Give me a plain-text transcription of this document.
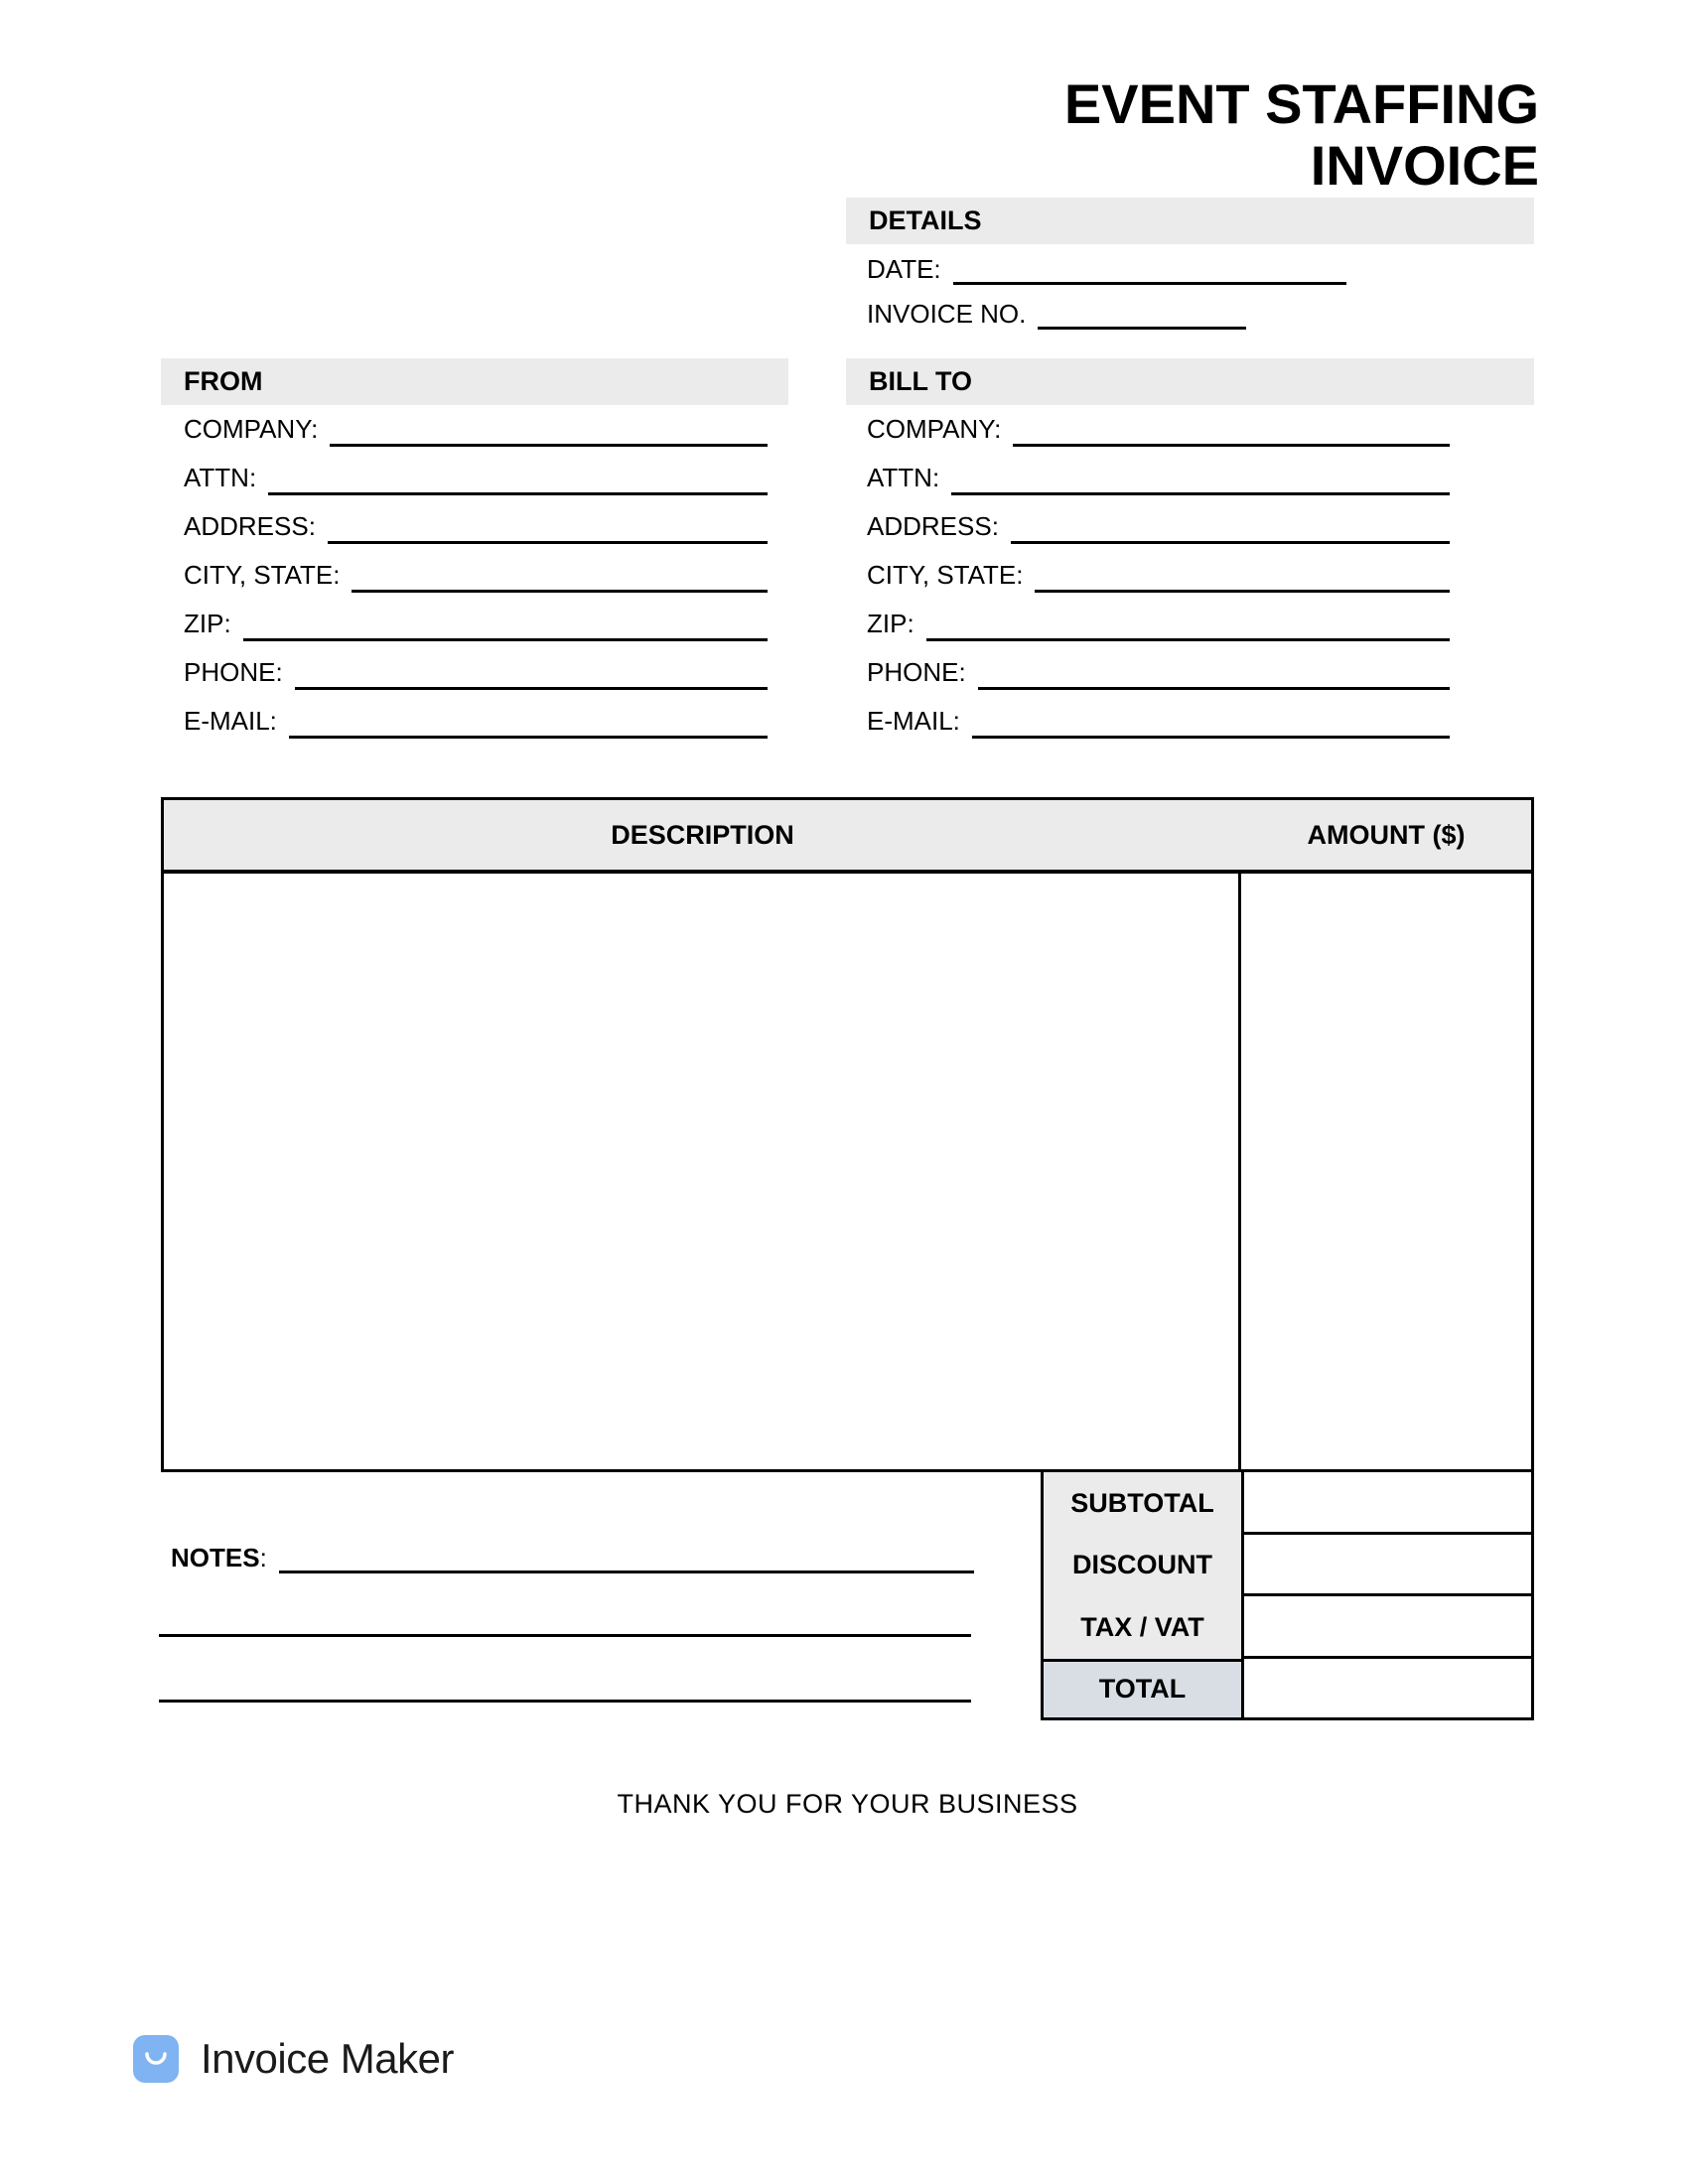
EVENT STAFFING
INVOICE
DETAILS
DATE:
INVOICE NO.
FROM	BILL TO
COMPANY:
ATTN:
ADDRESS:
CITY, STATE:
ZIP:
PHONE:
E-MAIL:
COMPANY:
ATTN:
ADDRESS:
CITY, STATE:
ZIP:
PHONE:
E-MAIL:
DESCRIPTION	AMOUNT ($)
SUBTOTAL
DISCOUNT
TAX / VAT
TOTAL
NOTES :
THANK YOU FOR YOUR BUSINESS
Invoice Maker
